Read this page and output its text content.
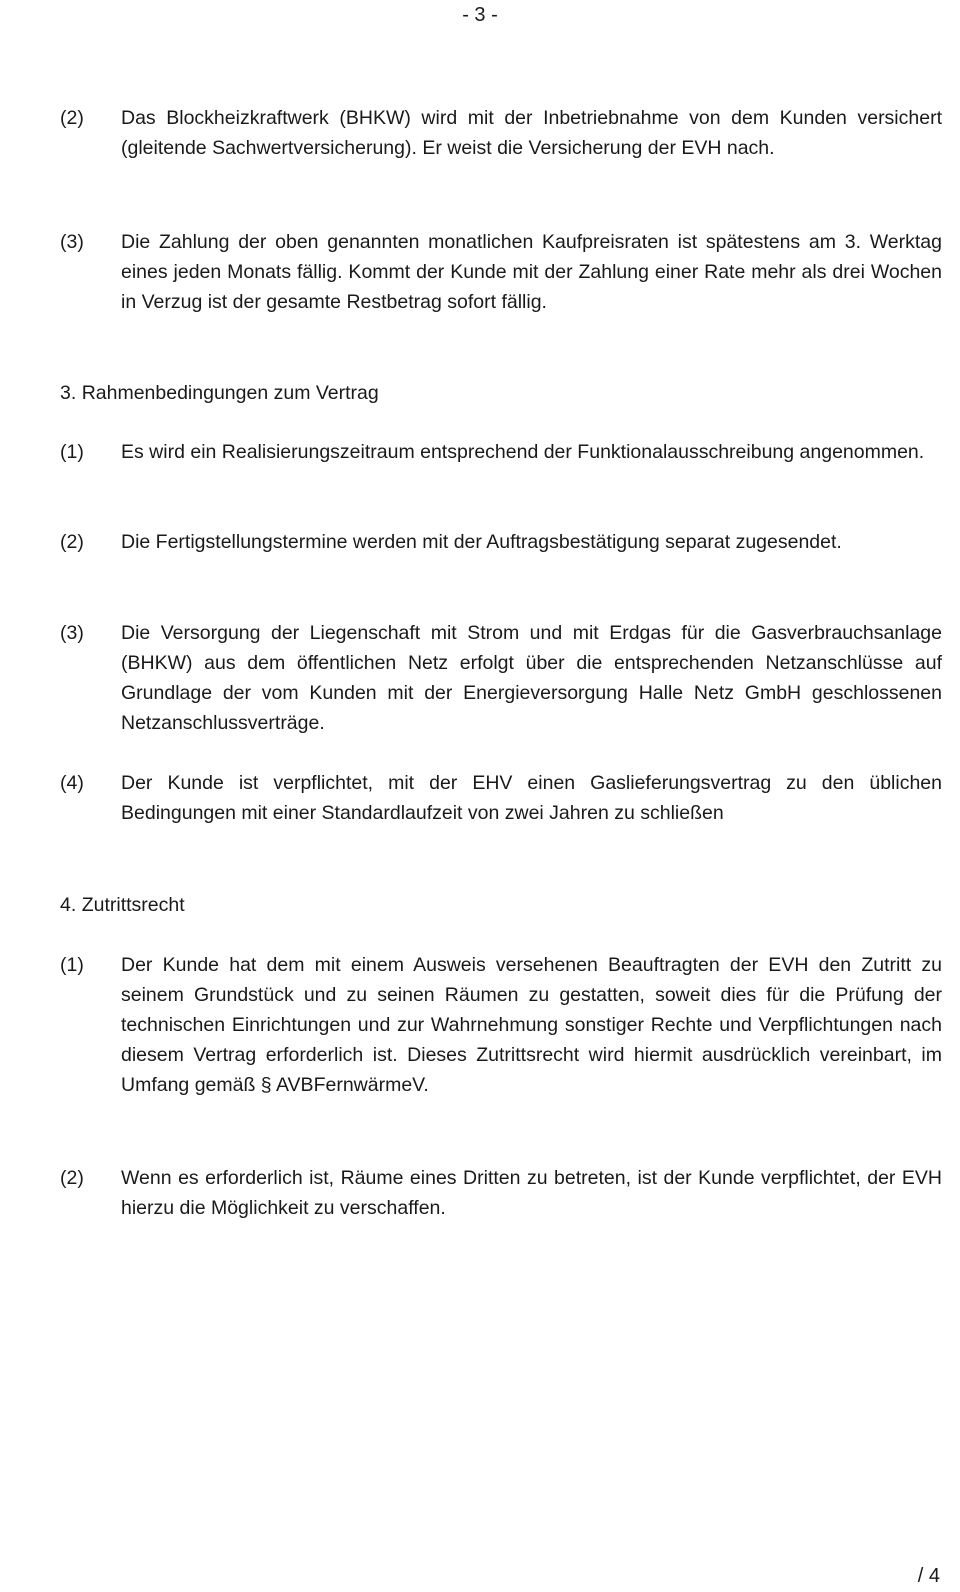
- 3 -
(2)	Das Blockheizkraftwerk (BHKW) wird mit der Inbetriebnahme von dem Kunden versichert (gleitende Sachwertversicherung). Er weist die Versicherung der EVH nach.
(3)	Die Zahlung der oben genannten monatlichen Kaufpreisraten ist spätestens am 3. Werktag eines jeden Monats fällig. Kommt der Kunde mit der Zahlung einer Rate mehr als drei Wochen in Verzug ist der gesamte Restbetrag sofort fällig.
3. Rahmenbedingungen zum Vertrag
(1)	Es wird ein Realisierungszeitraum entsprechend der Funktionalausschreibung angenommen.
(2)	Die Fertigstellungstermine werden mit der Auftragsbestätigung separat zugesendet.
(3)	Die Versorgung der Liegenschaft mit Strom und mit Erdgas für die Gasverbrauchsanlage (BHKW) aus dem öffentlichen Netz erfolgt über die entsprechenden Netzanschlüsse auf Grundlage der vom Kunden mit der Energieversorgung Halle Netz GmbH geschlossenen Netzanschlussverträge.
(4)	Der Kunde ist verpflichtet, mit der EHV einen Gaslieferungsvertrag zu den üblichen Bedingungen mit einer Standardlaufzeit von zwei Jahren zu schließen
4. Zutrittsrecht
(1)	Der Kunde hat dem mit einem Ausweis versehenen Beauftragten der EVH den Zutritt zu seinem Grundstück und zu seinen Räumen zu gestatten, soweit dies für die Prüfung der technischen Einrichtungen und zur Wahrnehmung sonstiger Rechte und Verpflichtungen nach diesem Vertrag erforderlich ist. Dieses Zutrittsrecht wird hiermit ausdrücklich vereinbart, im Umfang gemäß § AVBFernwärmeV.
(2)	Wenn es erforderlich ist, Räume eines Dritten zu betreten, ist der Kunde verpflichtet, der EVH hierzu die Möglichkeit zu verschaffen.
/ 4
